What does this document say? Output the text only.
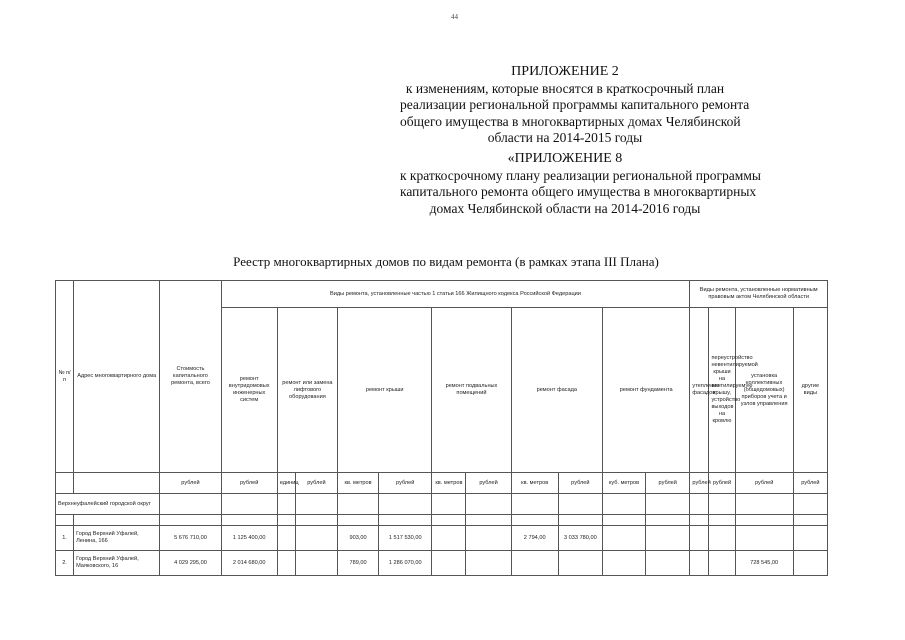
44
ПРИЛОЖЕНИЕ 2
к изменениям, которые вносятся в краткосрочный план
реализации региональной программы капитального ремонта
общего имущества в многоквартирных домах Челябинской
области на 2014-2015 годы
«ПРИЛОЖЕНИЕ 8
к краткосрочному плану реализации региональной программы
капитального ремонта общего имущества в многоквартирных
домах Челябинской области на 2014-2016 годы
Реестр многоквартирных домов по видам ремонта (в рамках этапа III Плана)
№ п/п	Адрес многоквартирного дома	Стоимость капитального ремонта, всего	Виды ремонта, установленные частью 1 статьи 166 Жилищного кодекса Российской Федерации											Виды ремонта, установленные нормативным правовым актом Челябинской области			
			ремонт внутридомовых инженерных систем	ремонт или замена лифтового оборудования		ремонт крыши		ремонт подвальных помещений		ремонт фасада		ремонт фундамента		утепление фасадов	переустройство невентилируемой крыши на вентилируемую крышу, устройство выходов на кровлю	установка коллективных (общедомовых) приборов учета и узлов управления	другие виды
		рублей	рублей	единиц	рублей	кв. метров	рублей	кв. метров	рублей	кв. метров	рублей	куб. метров	рублей	рублей	рублей	рублей	рублей
Верхнеуфалейский городской округ																	

1.	Город Верхний Уфалей, Ленина, 166	5 676 710,00	1 125 400,00			903,00	1 517 530,00			2 794,00	3 033 780,00						
2.	Город Верхний Уфалей, Маяковского, 16	4 029 295,00	2 014 680,00			789,00	1 286 070,00									728 545,00	
